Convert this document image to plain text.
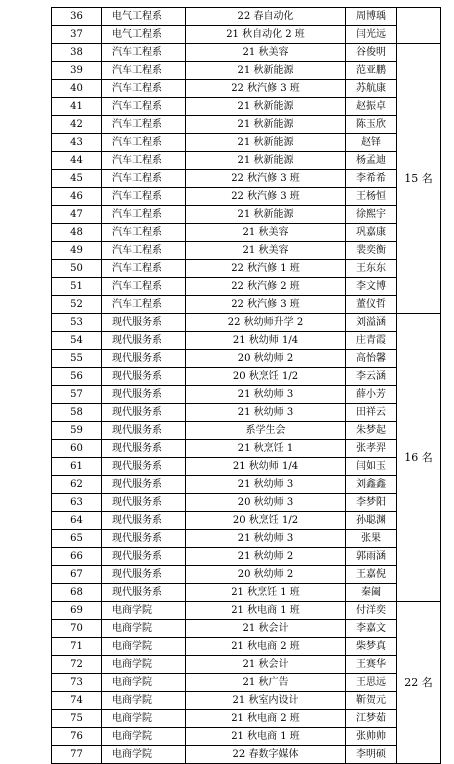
36	电气工程系	22 春自动化	周博瑀	
37	电气工程系	21 秋自动化 2 班	闫光远	
38	汽车工程系	21 秋美容	谷俊明	15 名
39	汽车工程系	21 秋新能源	范亚鹏	
40	汽车工程系	22 秋汽修 3 班	苏航康	
41	汽车工程系	21 秋新能源	赵振卓	
42	汽车工程系	21 秋新能源	陈玉欣	
43	汽车工程系	21 秋新能源	赵铎	
44	汽车工程系	21 秋新能源	杨孟迪	
45	汽车工程系	22 秋汽修 3 班	李希希	
46	汽车工程系	22 秋汽修 3 班	王杨恒	
47	汽车工程系	21 秋新能源	徐熙宇	
48	汽车工程系	21 秋美容	巩嘉康	
49	汽车工程系	21 秋美容	裴奕衡	
50	汽车工程系	22 秋汽修 1 班	王东东	
51	汽车工程系	22 秋汽修 2 班	李文博	
52	汽车工程系	22 秋汽修 3 班	董仪哲	
53	现代服务系	22 秋幼师升学 2	刘溢涵	16 名
54	现代服务系	21 秋幼师 1/4	庄青霞	
55	现代服务系	20 秋幼师 2	高怡馨	
56	现代服务系	20 秋烹饪 1/2	李云涵	
57	现代服务系	21 秋幼师 3	薛小芳	
58	现代服务系	21 秋幼师 3	田祥云	
59	现代服务系	系学生会	朱梦起	
60	现代服务系	21 秋烹饪 1	张孝羿	
61	现代服务系	21 秋幼师 1/4	闫如玉	
62	现代服务系	21 秋幼师 3	刘鑫鑫	
63	现代服务系	20 秋幼师 3	李梦阳	
64	现代服务系	20 秋烹饪 1/2	孙聪渊	
65	现代服务系	21 秋幼师 3	张果	
66	现代服务系	21 秋幼师 2	郭雨涵	
67	现代服务系	20 秋幼师 2	王嘉倪	
68	现代服务系	21 秋烹饪 1 班	秦阖	
69	电商学院	21 秋电商 1 班	付洋奕	22 名
70	电商学院	21 秋会计	李嘉文	
71	电商学院	21 秋电商 2 班	柴梦真	
72	电商学院	21 秋会计	王赛华	
73	电商学院	21 秋广告	王思远	
74	电商学院	21 秋室内设计	靳贺元	
75	电商学院	21 秋电商 2 班	江梦茹	
76	电商学院	21 秋电商 1 班	张帅帅	
77	电商学院	22 春数字媒体	李明硕	
